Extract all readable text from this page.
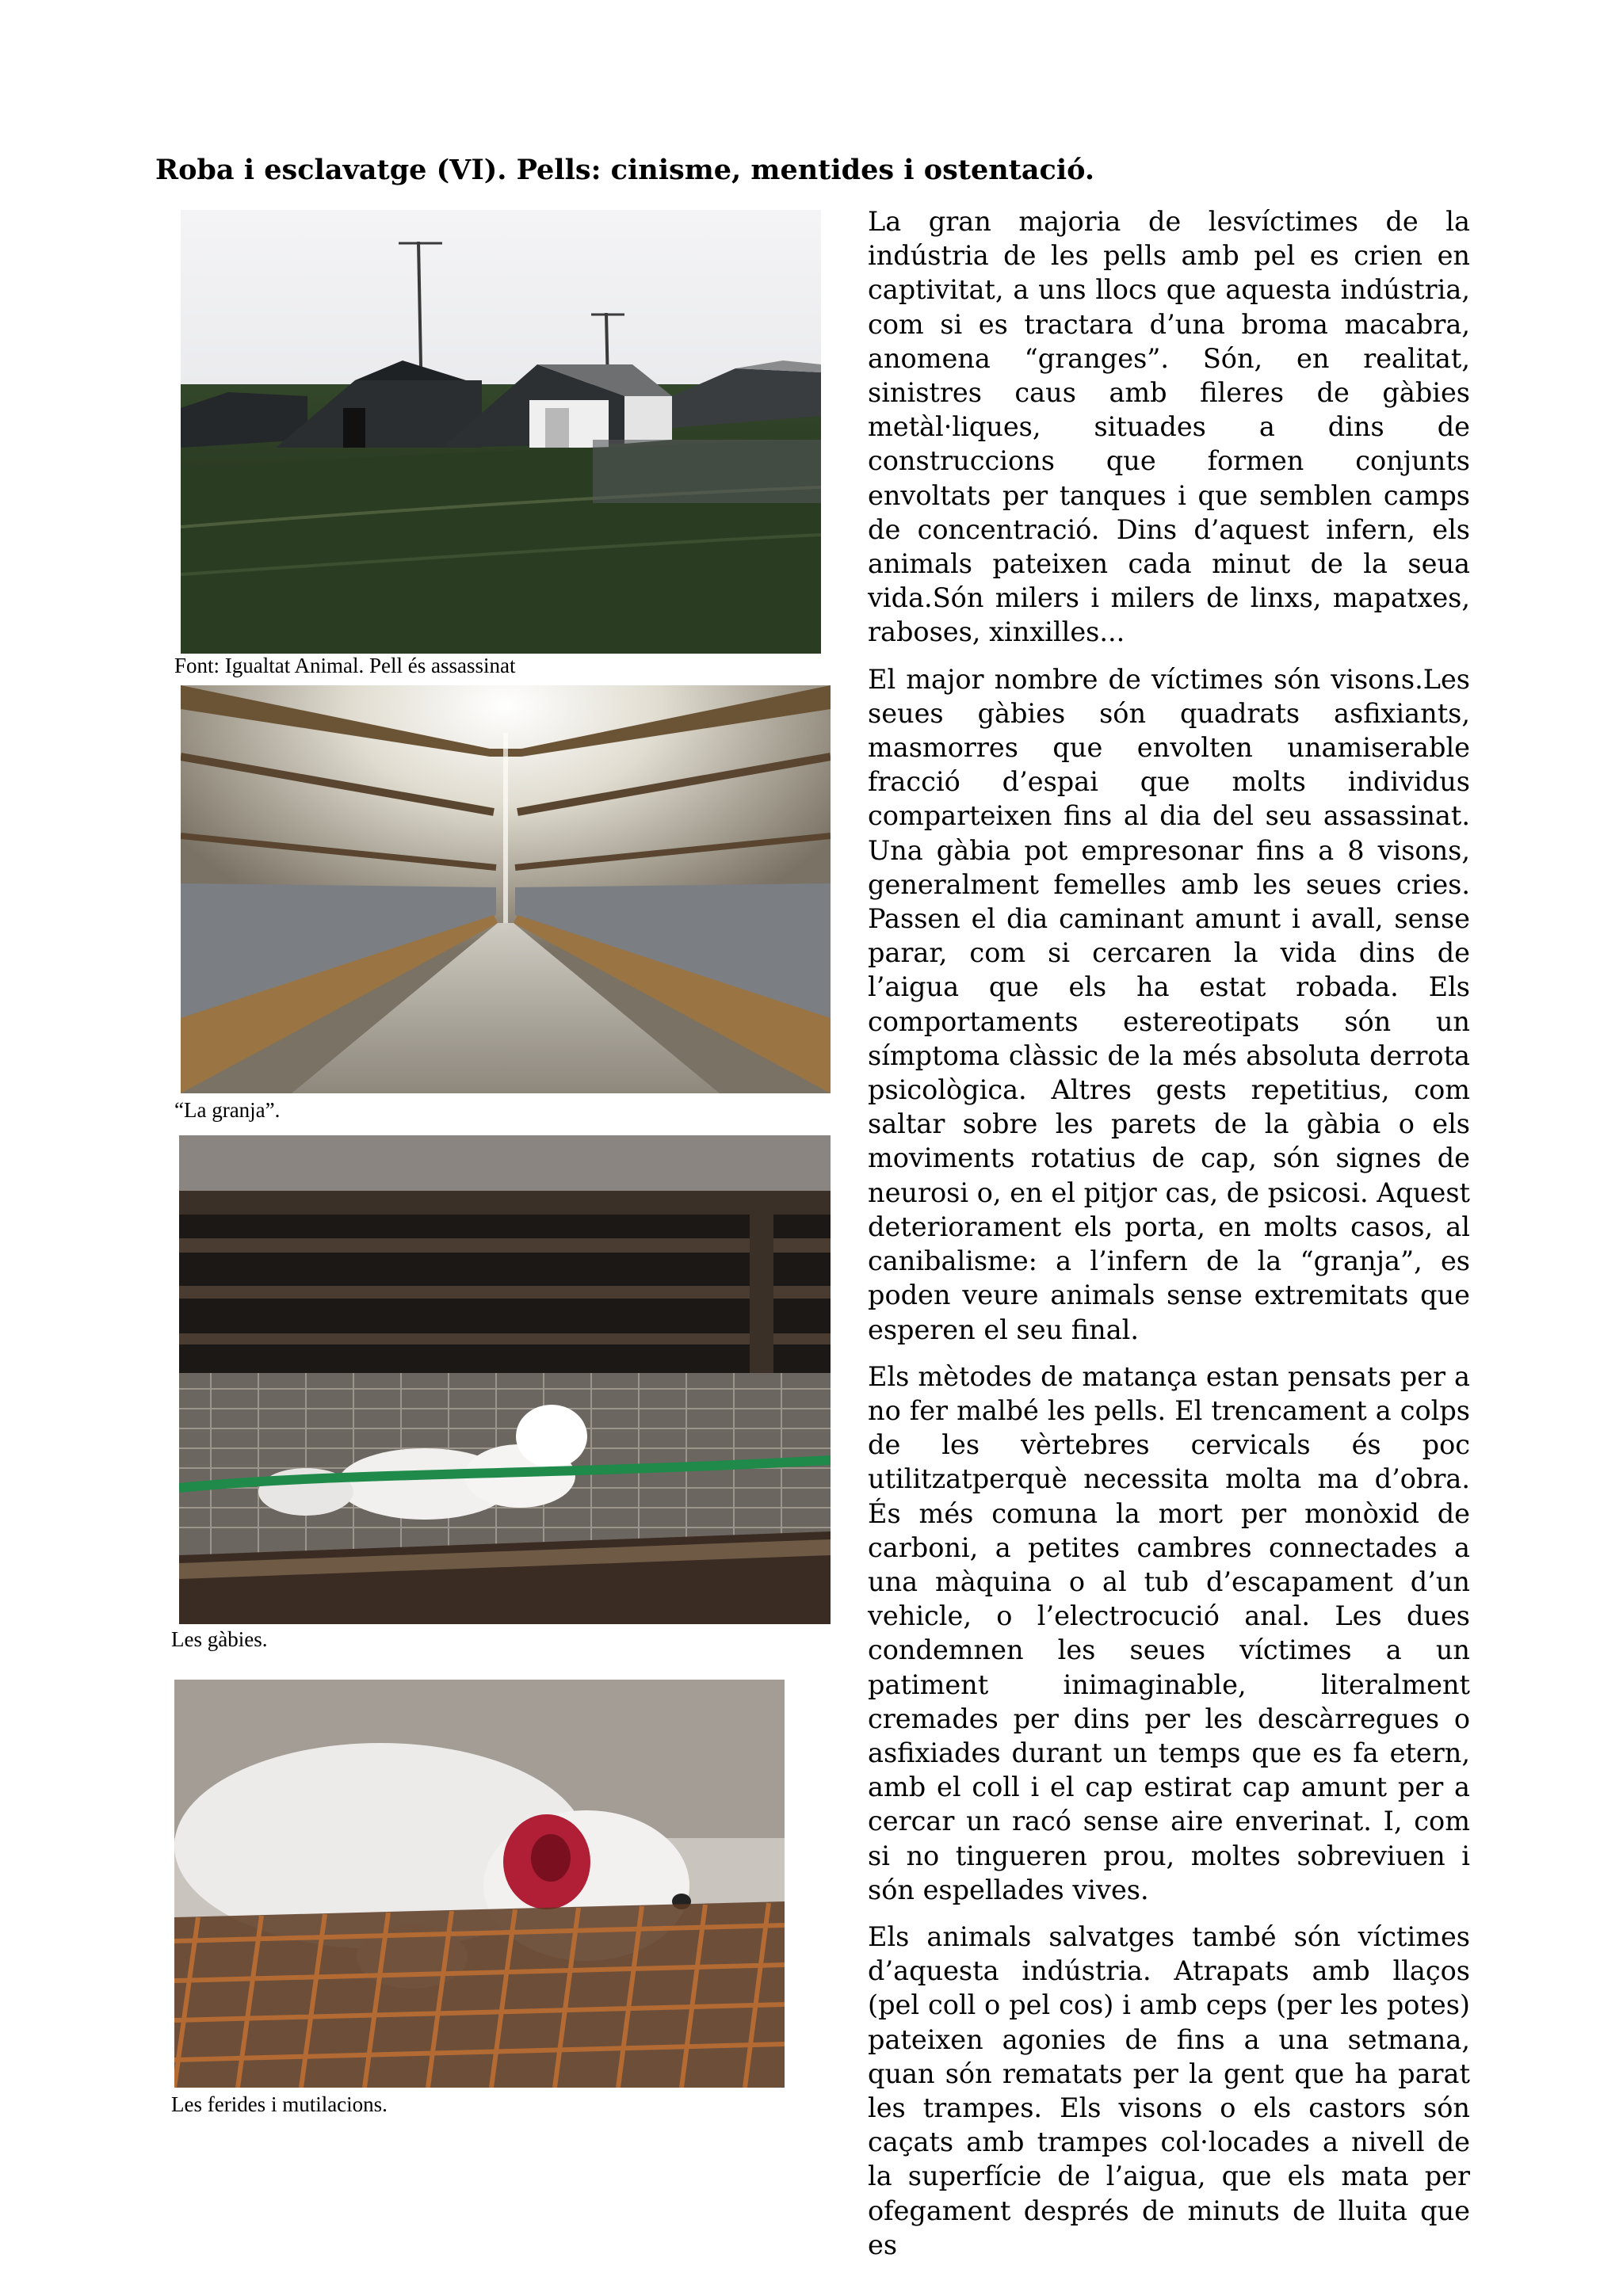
Roba i esclavatge (VI). Pells: cinisme, mentides i ostentació.
Font: Igualtat Animal. Pell és assassinat
“La granja”.
Les gàbies.
Les ferides i mutilacions.

La gran majoria de lesvíctimes de la indústria de les pells amb pel es crien en captivitat, a uns llocs que aquesta indústria, com si es tractara d’una broma macabra, anomena “granges”. Són, en realitat, sinistres caus amb fileres de gàbies metàl·liques, situades a dins de construccions que formen conjunts envoltats per tanques i que semblen camps de concentració. Dins d’aquest infern, els animals pateixen cada minut de la seua vida.Són milers i milers de linxs, mapatxes, raboses, xinxilles...

El major nombre de víctimes són visons.Les seues gàbies són quadrats asfixiants, masmorres que envolten unamiserable fracció d’espai que molts individus comparteixen fins al dia del seu assassinat. Una gàbia pot empresonar fins a 8 visons, generalment femelles amb les seues cries. Passen el dia caminant amunt i avall, sense parar, com si cercaren la vida dins de l’aigua que els ha estat robada. Els comportaments estereotipats són un símptoma clàssic de la més absoluta derrota psicològica. Altres gests repetitius, com saltar sobre les parets de la gàbia o els moviments rotatius de cap, són signes de neurosi o, en el pitjor cas, de psicosi. Aquest deteriorament els porta, en molts casos, al canibalisme: a l’infern de la “granja”, es poden veure animals sense extremitats que esperen el seu final.

Els mètodes de matança estan pensats per a no fer malbé les pells. El trencament a colps de les vèrtebres cervicals és poc utilitzatperquè necessita molta ma d’obra. És més comuna la mort per monòxid de carboni, a petites cambres connectades a una màquina o al tub d’escapament d’un vehicle, o l’electrocució anal. Les dues condemnen les seues víctimes a un patiment inimaginable, literalment cremades per dins per les descàrregues o asfixiades durant un temps que es fa etern, amb el coll i el cap estirat cap amunt per a cercar un racó sense aire enverinat. I, com si no tingueren prou, moltes sobreviuen i són espellades vives.

Els animals salvatges també són víctimes d’aquesta indústria. Atrapats amb llaços (pel coll o pel cos) i amb ceps (per les potes) pateixen agonies de fins a una setmana, quan són rematats per la gent que ha parat les trampes. Els visons o els castors són caçats amb trampes col·locades a nivell de la superfície de l’aigua, que els mata per ofegament després de minuts de lluita que es
